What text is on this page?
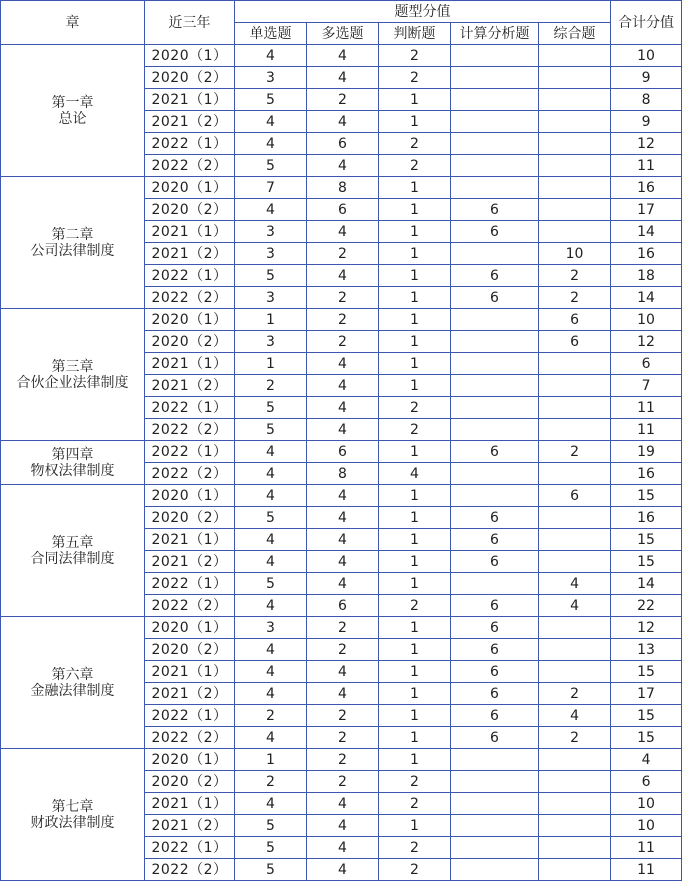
章	近三年	题型分值					合计分值
		单选题	多选题	判断题	计算分析题	综合题	

第一章
总论	2020（1）	4	4	2			10
	2020（2）	3	4	2			9
	2021（1）	5	2	1			8
	2021（2）	4	4	1			9
	2022（1）	4	6	2			12
	2022（2）	5	4	2			11

第二章
公司法律制度	2020（1）	7	8	1			16
	2020（2）	4	6	1	6		17
	2021（1）	3	4	1	6		14
	2021（2）	3	2	1		10	16
	2022（1）	5	4	1	6	2	18
	2022（2）	3	2	1	6	2	14

第三章
合伙企业法律制度	2020（1）	1	2	1		6	10
	2020（2）	3	2	1		6	12
	2021（1）	1	4	1			6
	2021（2）	2	4	1			7
	2022（1）	5	4	2			11
	2022（2）	5	4	2			11

第四章
物权法律制度	2022（1）	4	6	1	6	2	19
	2022（2）	4	8	4			16

第五章
合同法律制度	2020（1）	4	4	1		6	15
	2020（2）	5	4	1	6		16
	2021（1）	4	4	1	6		15
	2021（2）	4	4	1	6		15
	2022（1）	5	4	1		4	14
	2022（2）	4	6	2	6	4	22

第六章
金融法律制度	2020（1）	3	2	1	6		12
	2020（2）	4	2	1	6		13
	2021（1）	4	4	1	6		15
	2021（2）	4	4	1	6	2	17
	2022（1）	2	2	1	6	4	15
	2022（2）	4	2	1	6	2	15

第七章
财政法律制度	2020（1）	1	2	1			4
	2020（2）	2	2	2			6
	2021（1）	4	4	2			10
	2021（2）	5	4	1			10
	2022（1）	5	4	2			11
	2022（2）	5	4	2			11
